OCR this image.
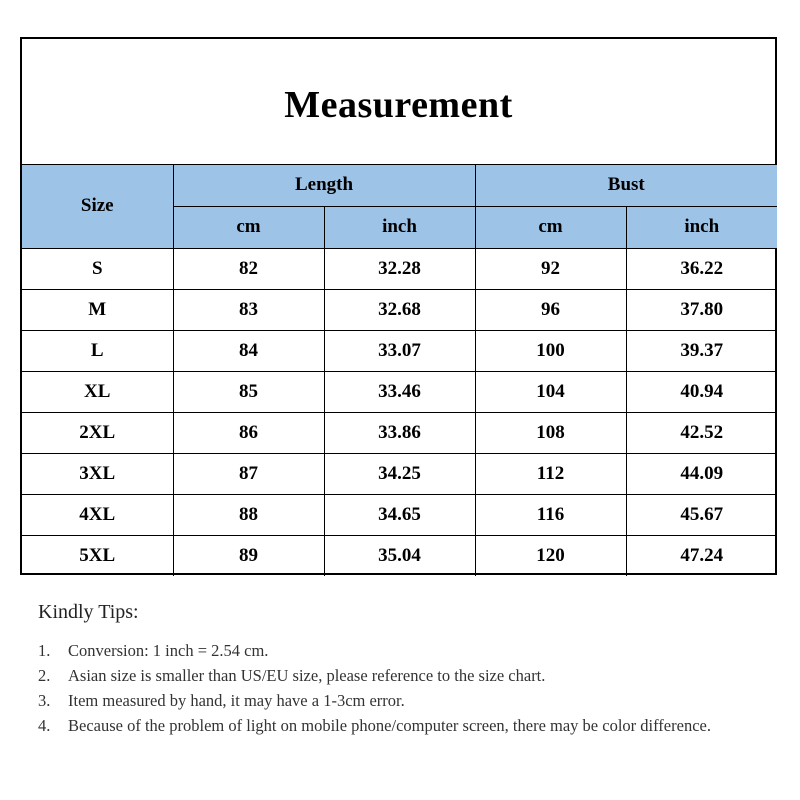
Measurement
Size	Length		Bust	
	cm	inch	cm	inch
S	82	32.28	92	36.22
M	83	32.68	96	37.80
L	84	33.07	100	39.37
XL	85	33.46	104	40.94
2XL	86	33.86	108	42.52
3XL	87	34.25	112	44.09
4XL	88	34.65	116	45.67
5XL	89	35.04	120	47.24
Kindly Tips:
1.	Conversion: 1 inch = 2.54 cm.
2.	Asian size is smaller than US/EU size, please reference to the size chart.
3.	Item measured by hand, it may have a 1-3cm error.
4.	Because of the problem of light on mobile phone/computer screen, there may be color difference.
